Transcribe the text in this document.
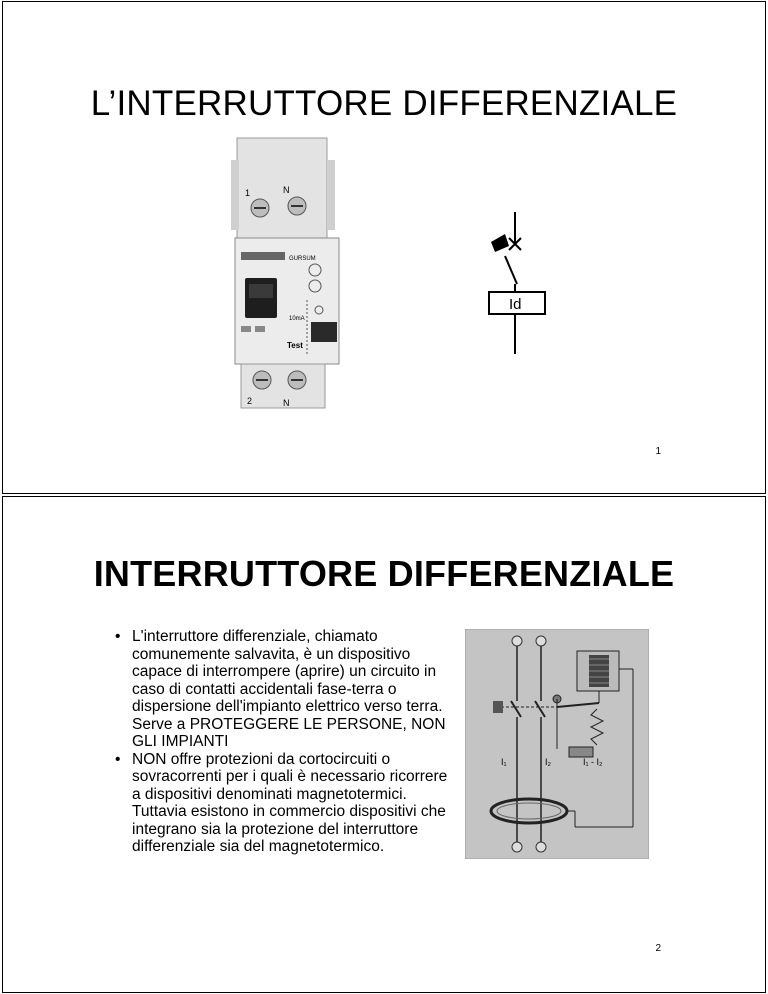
L’INTERRUTTORE DIFFERENZIALE
1	N
GURSUM
10mA
Test
2	N
Id
1
INTERRUTTORE DIFFERENZIALE
• L'interruttore differenziale, chiamato comunemente salvavita, è un dispositivo capace di interrompere (aprire) un circuito in caso di contatti accidentali fase-terra o dispersione dell'impianto elettrico verso terra. Serve a PROTEGGERE LE PERSONE, NON GLI IMPIANTI
• NON offre protezioni da cortocircuiti o sovracorrenti per i quali è necessario ricorrere a dispositivi denominati magnetotermici. Tuttavia esistono in commercio dispositivi che integrano sia la protezione del interruttore differenziale sia del magnetotermico.
I₁	I₂	I₁ - I₂
2
